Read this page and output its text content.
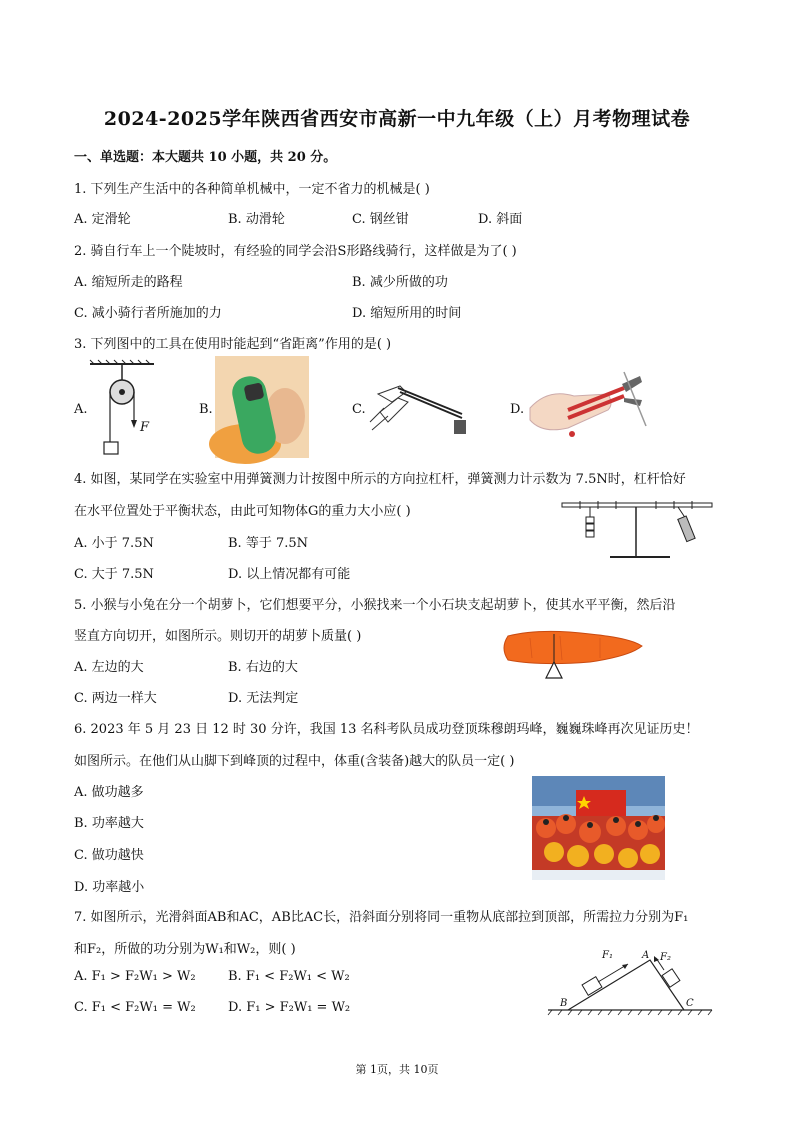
2024-2025学年陕西省西安市高新一中九年级（上）月考物理试卷
一、单选题：本大题共 10 小题，共 20 分。
1. 下列生产生活中的各种简单机械中，一定不省力的机械是( )
A. 定滑轮	B. 动滑轮	C. 钢丝钳	D. 斜面
2. 骑自行车上一个陡坡时，有经验的同学会沿S形路线骑行，这样做是为了( )
A. 缩短所走的路程	B. 减少所做的功
C. 减小骑行者所施加的力	D. 缩短所用的时间
3. 下列图中的工具在使用时能起到“省距离”作用的是( )
A.	B.	C.	D.
F
4. 如图，某同学在实验室中用弹簧测力计按图中所示的方向拉杠杆，弹簧测力计示数为 7.5N时，杠杆恰好
在水平位置处于平衡状态，由此可知物体G的重力大小应( )
A. 小于 7.5N	B. 等于 7.5N
C. 大于 7.5N	D. 以上情况都有可能
5. 小猴与小兔在分一个胡萝卜，它们想要平分，小猴找来一个小石块支起胡萝卜，使其水平平衡，然后沿
竖直方向切开，如图所示。则切开的胡萝卜质量( )
A. 左边的大	B. 右边的大
C. 两边一样大	D. 无法判定
6. 2023 年 5 月 23 日 12 时 30 分许，我国 13 名科考队员成功登顶珠穆朗玛峰，巍巍珠峰再次见证历史！
如图所示。在他们从山脚下到峰顶的过程中，体重(含装备)越大的队员一定( )
A. 做功越多
B. 功率越大
C. 做功越快
D. 功率越小
7. 如图所示，光滑斜面AB和AC，AB比AC长，沿斜面分别将同一重物从底部拉到顶部，所需拉力分别为F₁
和F₂，所做的功分别为W₁和W₂，则( )
A. F₁ > F₂W₁ > W₂ B. F₁ < F₂W₁ < W₂
C. F₁ < F₂W₁ = W₂ D. F₁ > F₂W₁ = W₂
F₁	F₂
A
B	C
第 1页，共 10页
